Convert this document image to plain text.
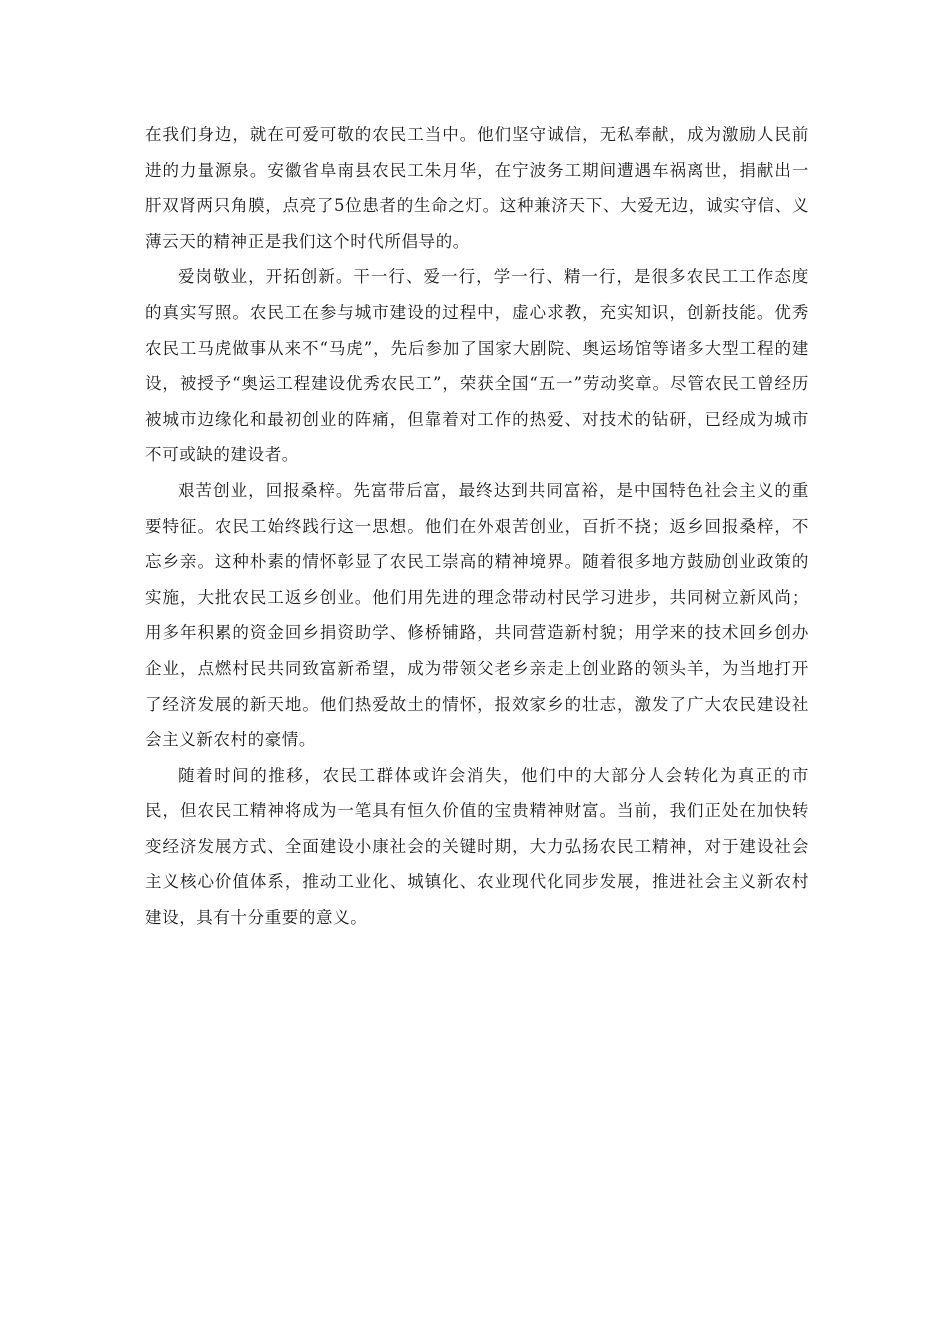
在我们身边，就在可爱可敬的农民工当中。他们坚守诚信，无私奉献，成为激励人民前进的力量源泉。安徽省阜南县农民工朱月华，在宁波务工期间遭遇车祸离世，捐献出一肝双肾两只角膜，点亮了5位患者的生命之灯。这种兼济天下、大爱无边，诚实守信、义薄云天的精神正是我们这个时代所倡导的。

爱岗敬业，开拓创新。干一行、爱一行，学一行、精一行，是很多农民工工作态度的真实写照。农民工在参与城市建设的过程中，虚心求教，充实知识，创新技能。优秀农民工马虎做事从来不“马虎”，先后参加了国家大剧院、奥运场馆等诸多大型工程的建设，被授予“奥运工程建设优秀农民工”，荣获全国“五一”劳动奖章。尽管农民工曾经历被城市边缘化和最初创业的阵痛，但靠着对工作的热爱、对技术的钻研，已经成为城市不可或缺的建设者。

艰苦创业，回报桑梓。先富带后富，最终达到共同富裕，是中国特色社会主义的重要特征。农民工始终践行这一思想。他们在外艰苦创业，百折不挠；返乡回报桑梓，不忘乡亲。这种朴素的情怀彰显了农民工崇高的精神境界。随着很多地方鼓励创业政策的实施，大批农民工返乡创业。他们用先进的理念带动村民学习进步，共同树立新风尚；用多年积累的资金回乡捐资助学、修桥铺路，共同营造新村貌；用学来的技术回乡创办企业，点燃村民共同致富新希望，成为带领父老乡亲走上创业路的领头羊，为当地打开了经济发展的新天地。他们热爱故土的情怀，报效家乡的壮志，激发了广大农民建设社会主义新农村的豪情。

随着时间的推移，农民工群体或许会消失，他们中的大部分人会转化为真正的市民，但农民工精神将成为一笔具有恒久价值的宝贵精神财富。当前，我们正处在加快转变经济发展方式、全面建设小康社会的关键时期，大力弘扬农民工精神，对于建设社会主义核心价值体系，推动工业化、城镇化、农业现代化同步发展，推进社会主义新农村建设，具有十分重要的意义。
